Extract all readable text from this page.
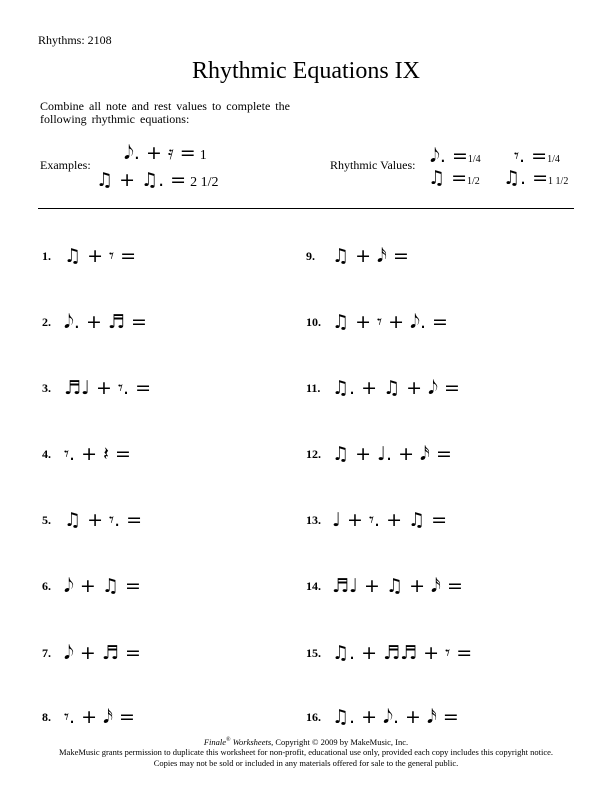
Rhythms: 2108
Rhythmic Equations IX
Combine all note and rest values to complete the following rhythmic equations:
Examples:
𝅘𝅥𝅮. + 𝄿 = 1
♫ + ♫. = 2 1/2
Rhythmic Values: 𝅘𝅥𝅮. =1/4 𝄾. =1/4
♫ =1/2 ♫. =1 1/2
1. ♫ + 𝄾 =
2. 𝅘𝅥𝅮. + ♬ =
3. ♬♩ + 𝄾. =
4. 𝄾. + 𝄽 =
5. ♫ + 𝄾. =
6. 𝅘𝅥𝅮 + ♫ =
7. 𝅘𝅥𝅮 + ♬ =
8. 𝄾. + 𝅘𝅥𝅯 =
9. ♫ + 𝅘𝅥𝅯 =
10. ♫ + 𝄾 + 𝅘𝅥𝅮. =
11. ♫. + ♫ + 𝅘𝅥𝅮 =
12. ♫ + ♩. + 𝅘𝅥𝅯 =
13. ♩ + 𝄾. + ♫ =
14. ♬♩ + ♫ + 𝅘𝅥𝅯 =
15. ♫. + ♬♬ + 𝄾 =
16. ♫. + 𝅘𝅥𝅮. + 𝅘𝅥𝅯 =
Finale® Worksheets, Copyright © 2009 by MakeMusic, Inc.
MakeMusic grants permission to duplicate this worksheet for non-profit, educational use only, provided each copy includes this copyright notice.
Copies may not be sold or included in any materials offered for sale to the general public.
